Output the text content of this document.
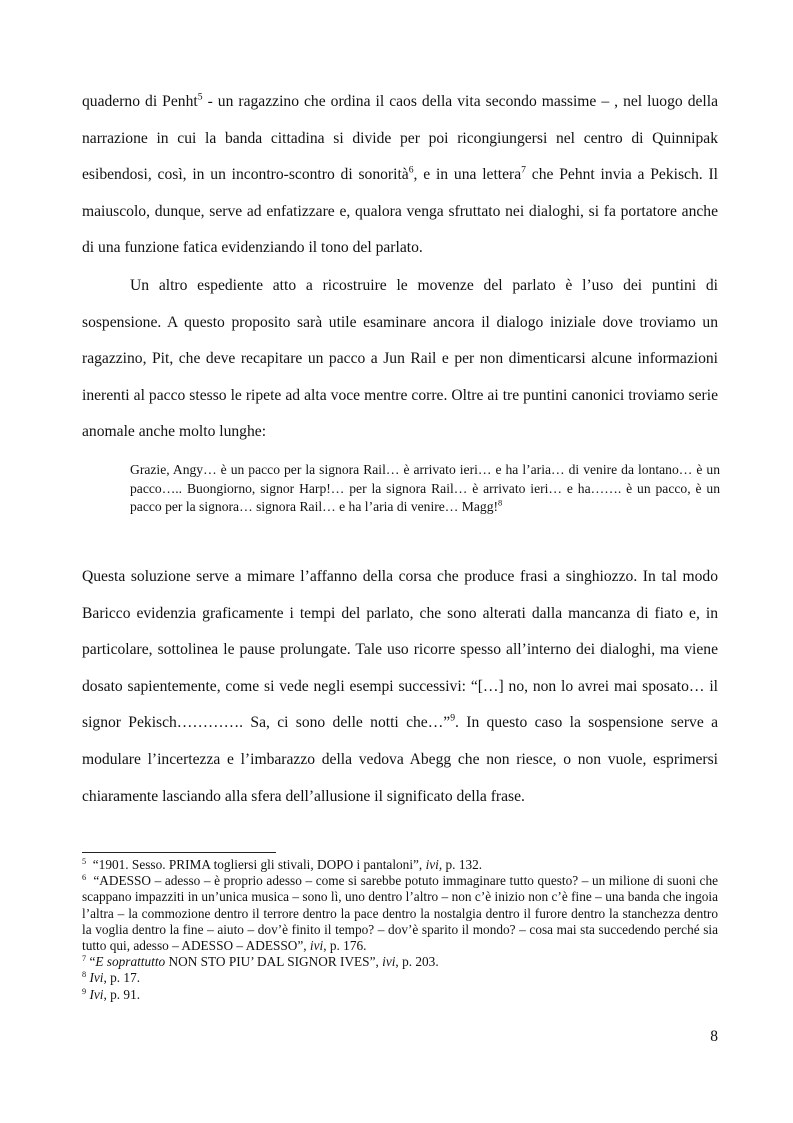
quaderno di Penht$^5$ - un ragazzino che ordina il caos della vita secondo massime – , nel luogo della narrazione in cui la banda cittadina si divide per poi ricongiungersi nel centro di Quinnipak esibendosi, così, in un incontro-scontro di sonorità$^6$, e in una lettera$^7$ che Pehnt invia a Pekisch. Il maiuscolo, dunque, serve ad enfatizzare e, qualora venga sfruttato nei dialoghi, si fa portatore anche di una funzione fatica evidenziando il tono del parlato.

Un altro espediente atto a ricostruire le movenze del parlato è l’uso dei puntini di sospensione. A questo proposito sarà utile esaminare ancora il dialogo iniziale dove troviamo un ragazzino, Pit, che deve recapitare un pacco a Jun Rail e per non dimenticarsi alcune informazioni inerenti al pacco stesso le ripete ad alta voce mentre corre. Oltre ai tre puntini canonici troviamo serie anomale anche molto lunghe:

Grazie, Angy… è un pacco per la signora Rail… è arrivato ieri… e ha l’aria… di venire da lontano… è un pacco….. Buongiorno, signor Harp!… per la signora Rail… è arrivato ieri… e ha……. è un pacco, è un pacco per la signora… signora Rail… e ha l’aria di venire… Magg!$^8$

Questa soluzione serve a mimare l’affanno della corsa che produce frasi a singhiozzo. In tal modo Baricco evidenzia graficamente i tempi del parlato, che sono alterati dalla mancanza di fiato e, in particolare, sottolinea le pause prolungate. Tale uso ricorre spesso all’interno dei dialoghi, ma viene dosato sapientemente, come si vede negli esempi successivi: “[…] no, non lo avrei mai sposato… il signor Pekisch…………. Sa, ci sono delle notti che…”$^9$. In questo caso la sospensione serve a modulare l’incertezza e l’imbarazzo della vedova Abegg che non riesce, o non vuole, esprimersi chiaramente lasciando alla sfera dell’allusione il significato della frase.

$^5$ “1901. Sesso. PRIMA togliersi gli stivali, DOPO i pantaloni”, ivi, p. 132.

$^6$ “ADESSO – adesso – è proprio adesso – come si sarebbe potuto immaginare tutto questo? – un milione di suoni che scappano impazziti in un’unica musica – sono lì, uno dentro l’altro – non c’è inizio non c’è fine – una banda che ingoia l’altra – la commozione dentro il terrore dentro la pace dentro la nostalgia dentro il furore dentro la stanchezza dentro la voglia dentro la fine – aiuto – dov’è finito il tempo? – dov’è sparito il mondo? – cosa mai sta succedendo perché sia tutto qui, adesso – ADESSO – ADESSO”, ivi, p. 176.

$^7$ “E soprattutto NON STO PIU’ DAL SIGNOR IVES”, ivi, p. 203.

$^8$ Ivi, p. 17.

$^9$ Ivi, p. 91.

8
